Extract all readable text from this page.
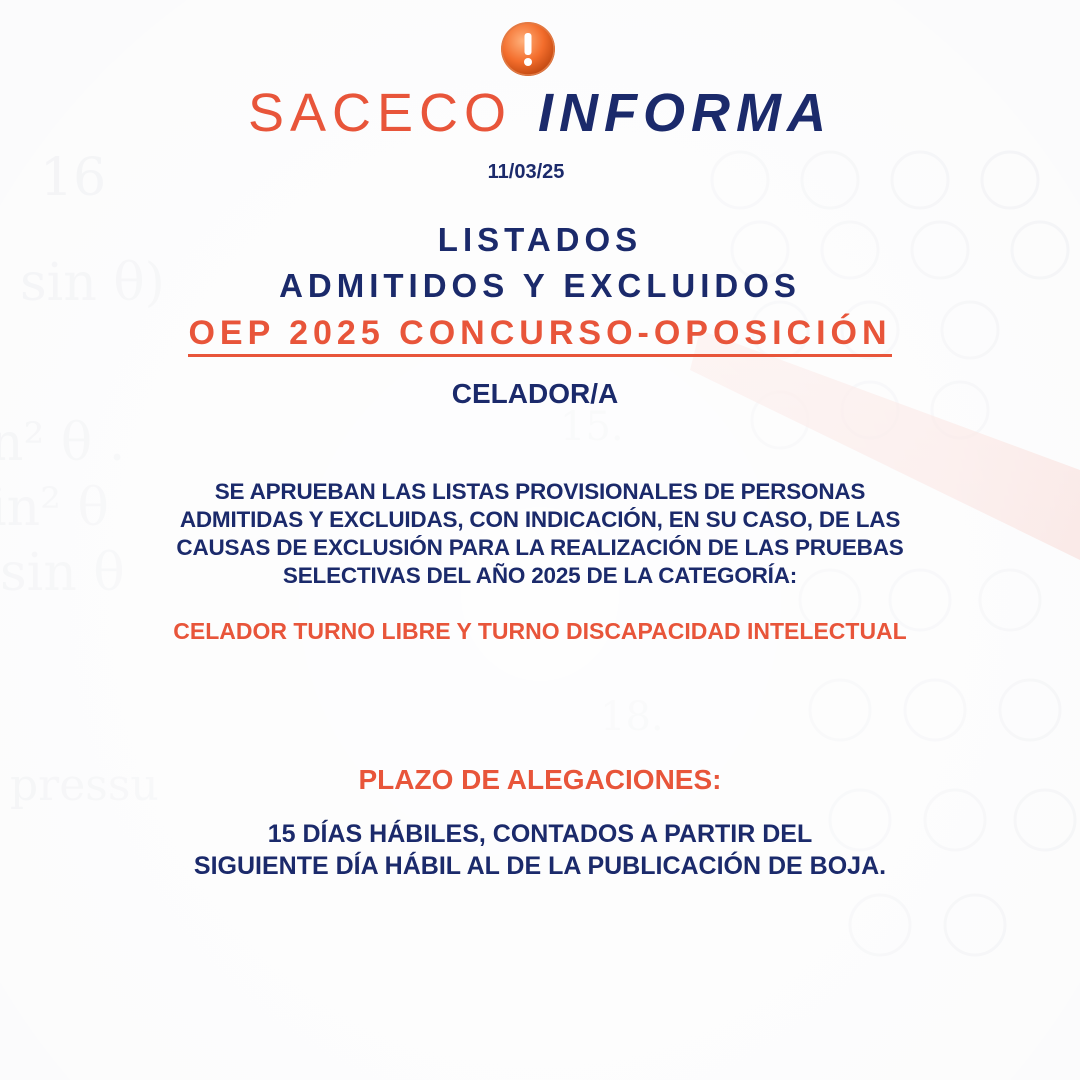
SACECO INFORMA
11/03/25
LISTADOS
ADMITIDOS Y EXCLUIDOS
OEP 2025 CONCURSO-OPOSICIÓN
CELADOR/A
SE APRUEBAN LAS LISTAS PROVISIONALES DE PERSONAS
ADMITIDAS Y EXCLUIDAS, CON INDICACIÓN, EN SU CASO, DE LAS
CAUSAS DE EXCLUSIÓN PARA LA REALIZACIÓN DE LAS PRUEBAS
SELECTIVAS DEL AÑO 2025 DE LA CATEGORÍA:
CELADOR TURNO LIBRE Y TURNO DISCAPACIDAD INTELECTUAL
PLAZO DE ALEGACIONES:
15 DÍAS HÁBILES, CONTADOS A PARTIR DEL
SIGUIENTE DÍA HÁBIL AL DE LA PUBLICACIÓN DE BOJA.
